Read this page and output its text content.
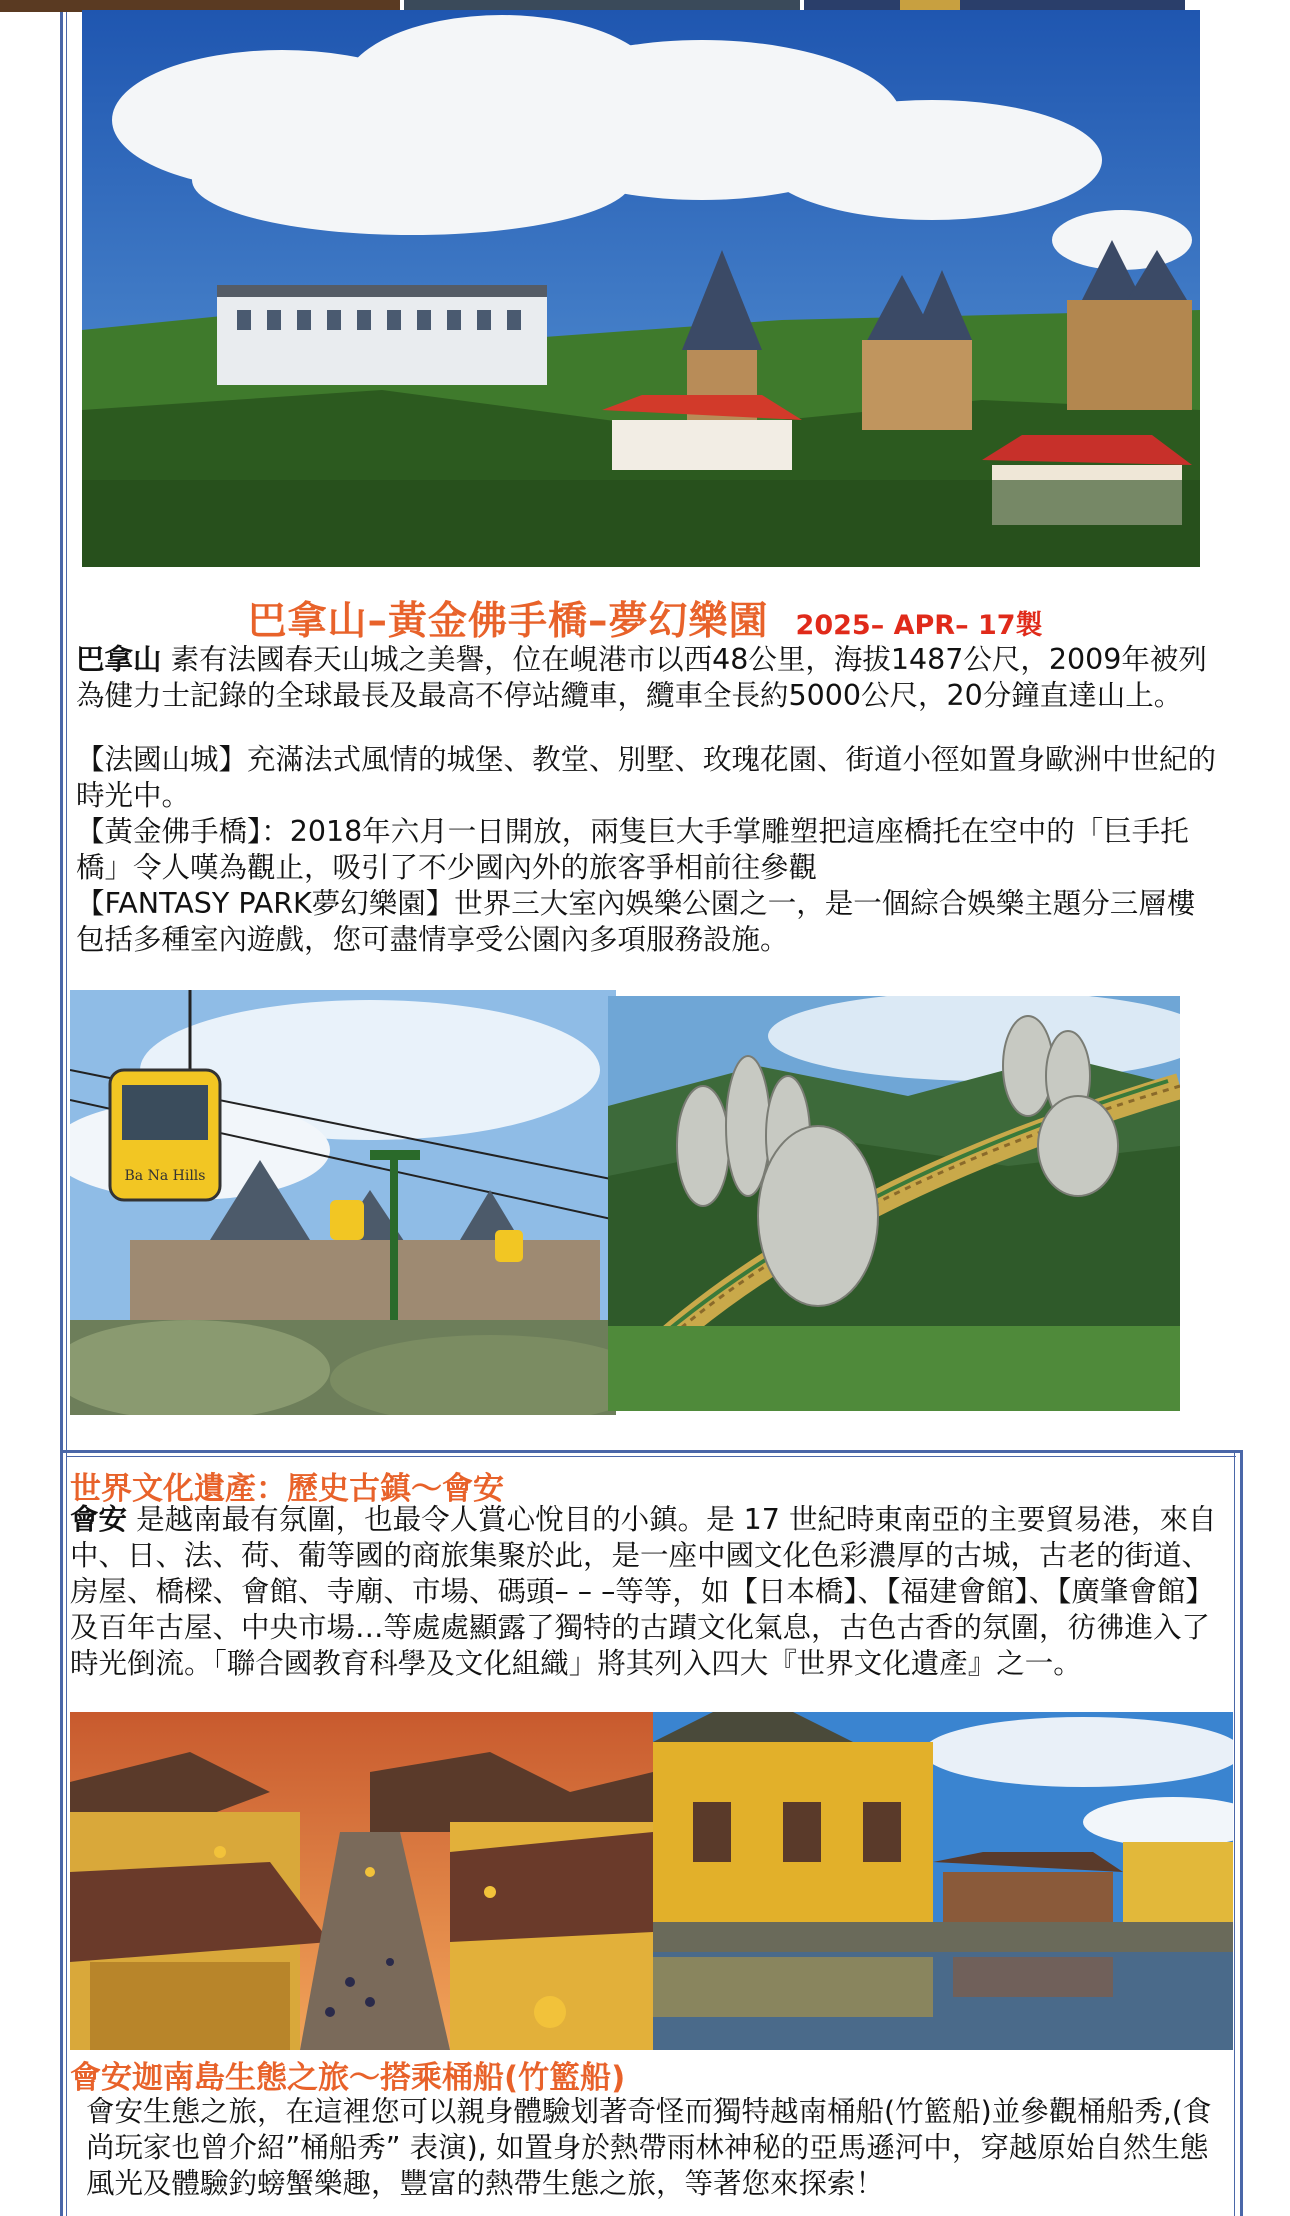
巴拿山–黃金佛手橋–夢幻樂園 2025– APR– 17製
巴拿山 素有法國春天山城之美譽，位在峴港市以西48公里，海拔1487公尺，2009年被列為健力士記錄的全球最長及最高不停站纜車，纜車全長約5000公尺，20分鐘直達山上。
【法國山城】充滿法式風情的城堡、教堂、別墅、玫瑰花園、街道小徑如置身歐洲中世紀的時光中。
【黃金佛手橋】：2018年六月一日開放，兩隻巨大手掌雕塑把這座橋托在空中的「巨手托橋」令人嘆為觀止，吸引了不少國內外的旅客爭相前往參觀
【FANTASY PARK夢幻樂園】世界三大室內娛樂公園之一，是一個綜合娛樂主題分三層樓包括多種室內遊戲，您可盡情享受公園內多項服務設施。
Ba Na Hills
世界文化遺產：歷史古鎮～會安
會安 是越南最有氛圍，也最令人賞心悅目的小鎮。是 17 世紀時東南亞的主要貿易港，來自中、日、法、荷、葡等國的商旅集聚於此，是一座中國文化色彩濃厚的古城，古老的街道、房屋、橋樑、會館、寺廟、市場、碼頭– – –等等，如【日本橋】、【福建會館】、【廣肇會館】及百年古屋、中央市場…等處處顯露了獨特的古蹟文化氣息，古色古香的氛圍，彷彿進入了時光倒流。「聯合國教育科學及文化組織」將其列入四大『世界文化遺產』之一。
會安迦南島生態之旅～搭乘桶船(竹籃船)
會安生態之旅，在這裡您可以親身體驗划著奇怪而獨特越南桶船(竹籃船)並參觀桶船秀,(食尚玩家也曾介紹”桶船秀” 表演), 如置身於熱帶雨林神秘的亞馬遜河中，穿越原始自然生態風光及體驗釣螃蟹樂趣，豐富的熱帶生態之旅，等著您來探索！
